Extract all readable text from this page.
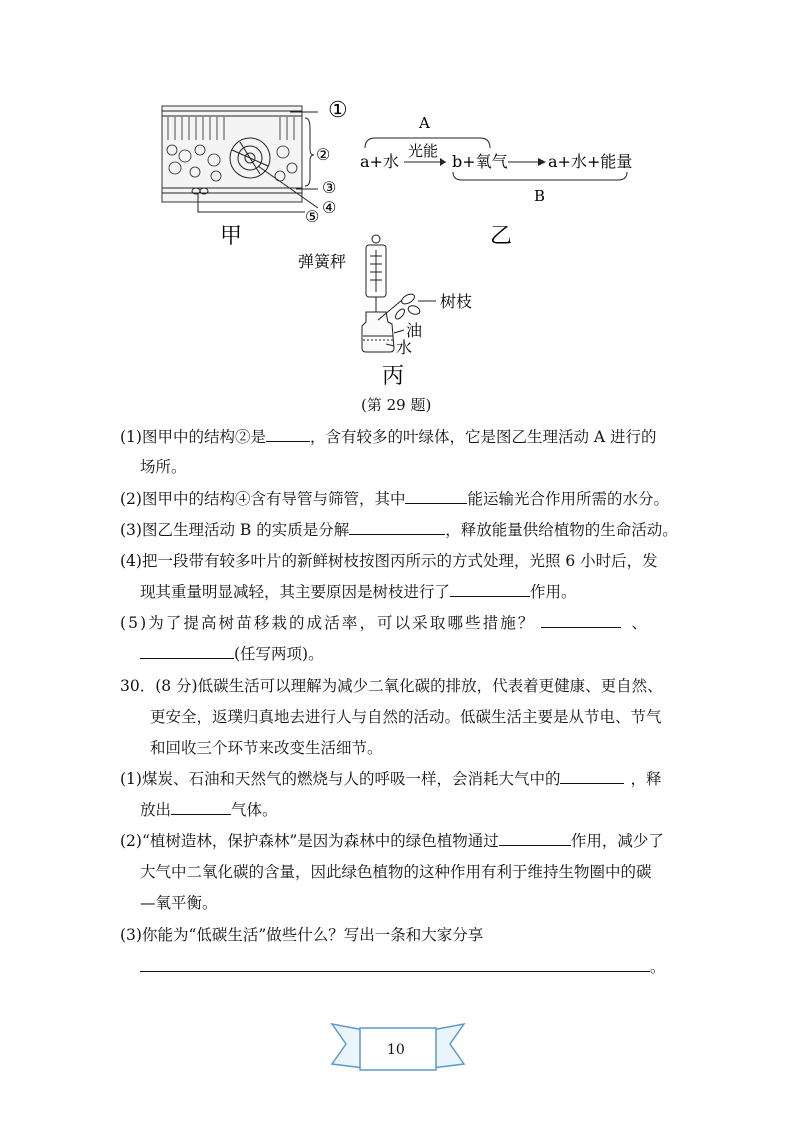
①
②
③
④
⑤
甲
A
a+水
光能
b+氧气	a+水+能量
B
乙
弹簧秤
树枝
油
水
丙
(第 29 题)
(1)图甲中的结构②是	，含有较多的叶绿体，它是图乙生理活动 A 进行的
场所。
(2)图甲中的结构④含有导管与筛管，其中	能运输光合作用所需的水分。
(3)图乙生理活动 B 的实质是分解	，释放能量供给植物的生命活动。
(4)把一段带有较多叶片的新鲜树枝按图丙所示的方式处理，光照 6 小时后，发
现其重量明显减轻，其主要原因是树枝进行了	作用。
(5)为了提高树苗移栽的成活率，可以采取哪些措施？	、
(任写两项)。
30．(8 分)低碳生活可以理解为减少二氧化碳的排放，代表着更健康、更自然、
更安全，返璞归真地去进行人与自然的活动。低碳生活主要是从节电、节气
和回收三个环节来改变生活细节。
(1)煤炭、石油和天然气的燃烧与人的呼吸一样，会消耗大气中的	，释
放出	气体。
(2)“植树造林，保护森林”是因为森林中的绿色植物通过	作用，减少了
大气中二氧化碳的含量，因此绿色植物的这种作用有利于维持生物圈中的碳
—氧平衡。
(3)你能为“低碳生活”做些什么？写出一条和大家分享
。
10
